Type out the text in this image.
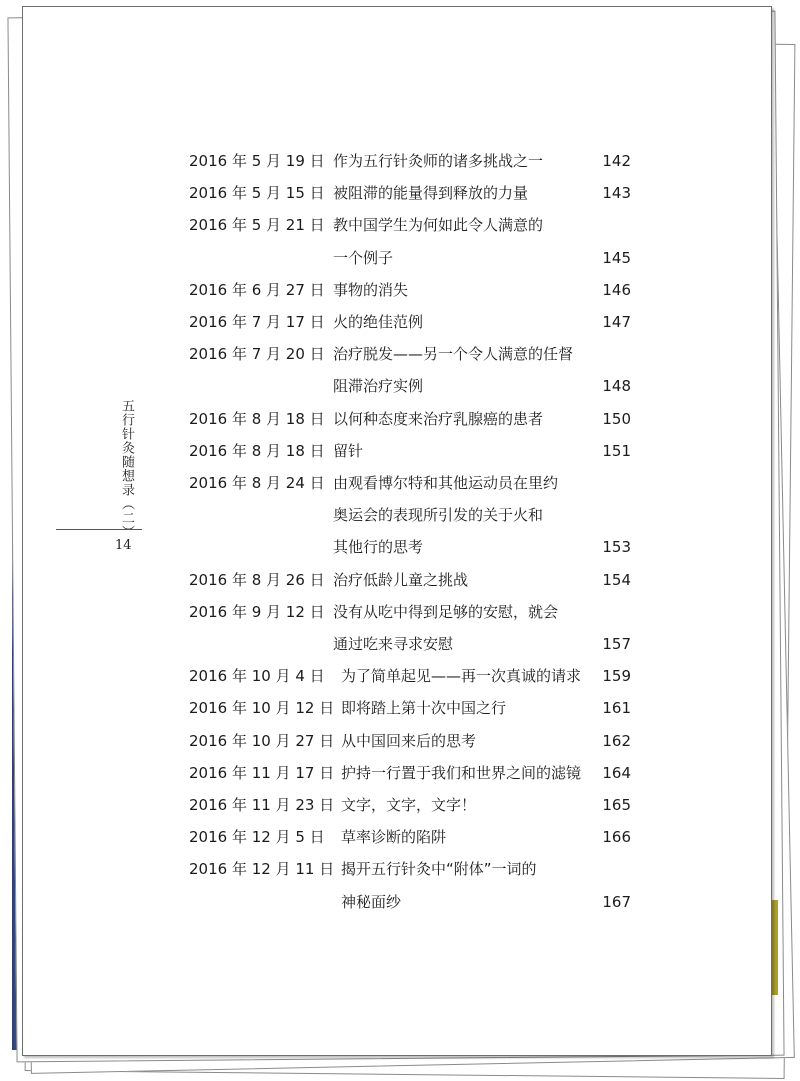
五行针灸随想录（二）
14
2016 年 5 月 19 日 作为五行针灸师的诸多挑战之一	142
2016 年 5 月 15 日 被阻滞的能量得到释放的力量	143
2016 年 5 月 21 日 教中国学生为何如此令人满意的
一个例子	145
2016 年 6 月 27 日 事物的消失	146
2016 年 7 月 17 日 火的绝佳范例	147
2016 年 7 月 20 日 治疗脱发——另一个令人满意的任督
阻滞治疗实例	148
2016 年 8 月 18 日 以何种态度来治疗乳腺癌的患者	150
2016 年 8 月 18 日 留针	151
2016 年 8 月 24 日 由观看博尔特和其他运动员在里约
奥运会的表现所引发的关于火和
其他行的思考	153
2016 年 8 月 26 日 治疗低龄儿童之挑战	154
2016 年 9 月 12 日 没有从吃中得到足够的安慰，就会
通过吃来寻求安慰	157
2016 年 10 月 4 日 为了简单起见——再一次真诚的请求 159
2016 年 10 月 12 日 即将踏上第十次中国之行	161
2016 年 10 月 27 日 从中国回来后的思考	162
2016 年 11 月 17 日 护持一行置于我们和世界之间的滤镜 164
2016 年 11 月 23 日 文字，文字，文字！	165
2016 年 12 月 5 日 草率诊断的陷阱	166
2016 年 12 月 11 日 揭开五行针灸中“附体”一词的
神秘面纱	167
